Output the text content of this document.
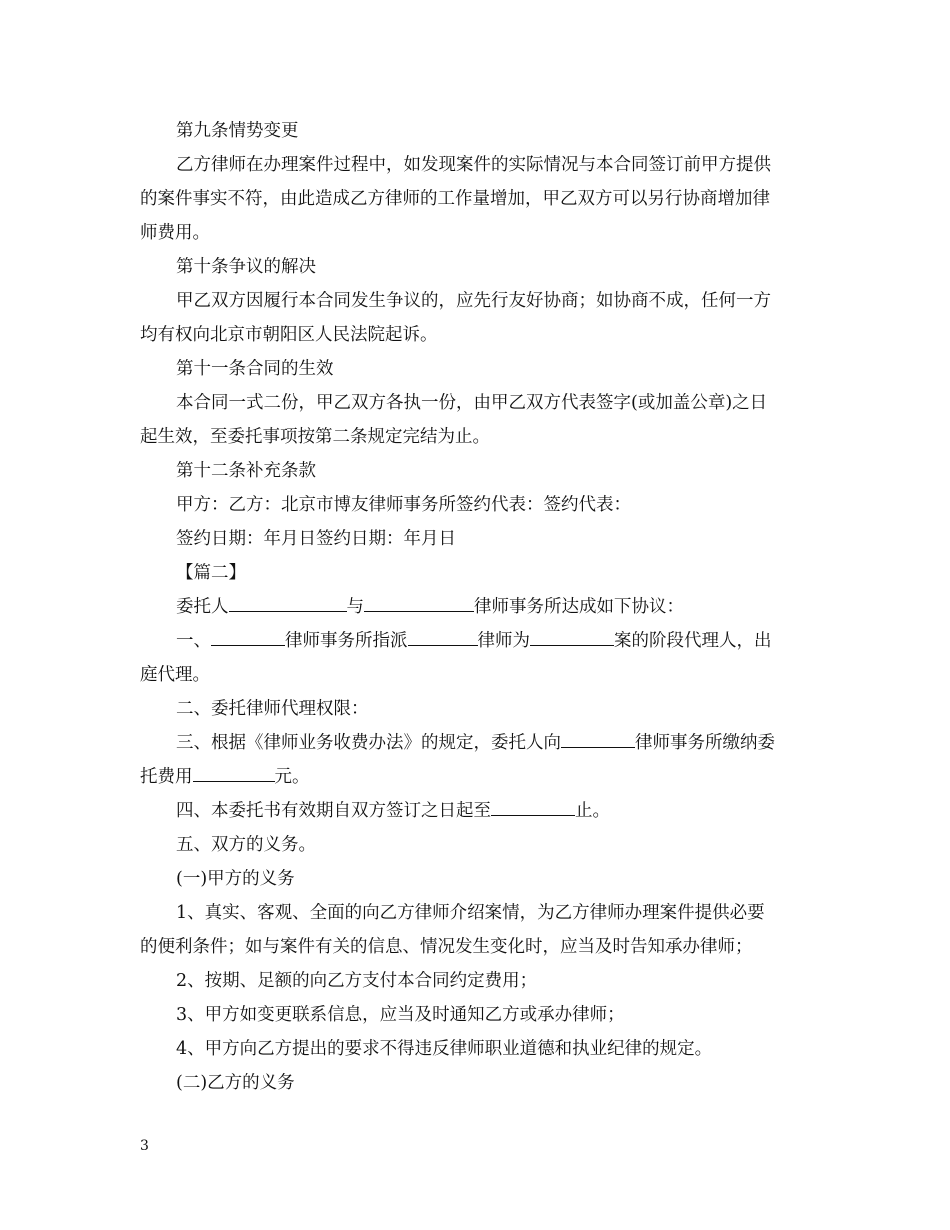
第九条情势变更
乙方律师在办理案件过程中，如发现案件的实际情况与本合同签订前甲方提供
的案件事实不符，由此造成乙方律师的工作量增加，甲乙双方可以另行协商增加律
师费用。
第十条争议的解决
甲乙双方因履行本合同发生争议的，应先行友好协商；如协商不成，任何一方
均有权向北京市朝阳区人民法院起诉。
第十一条合同的生效
本合同一式二份，甲乙双方各执一份，由甲乙双方代表签字(或加盖公章)之日
起生效，至委托事项按第二条规定完结为止。
第十二条补充条款
甲方：乙方：北京市博友律师事务所签约代表：签约代表：
签约日期：年月日签约日期：年月日
【篇二】
委托人	与	律师事务所达成如下协议：
一、	律师事务所指派	律师为	案的阶段代理人，出
庭代理。
二、委托律师代理权限：
三、根据《律师业务收费办法》的规定，委托人向	律师事务所缴纳委
托费用	元。
四、本委托书有效期自双方签订之日起至	止。
五、双方的义务。
(一)甲方的义务
1、真实、客观、全面的向乙方律师介绍案情，为乙方律师办理案件提供必要
的便利条件；如与案件有关的信息、情况发生变化时，应当及时告知承办律师；
2、按期、足额的向乙方支付本合同约定费用；
3、甲方如变更联系信息，应当及时通知乙方或承办律师；
4、甲方向乙方提出的要求不得违反律师职业道德和执业纪律的规定。
(二)乙方的义务
3
